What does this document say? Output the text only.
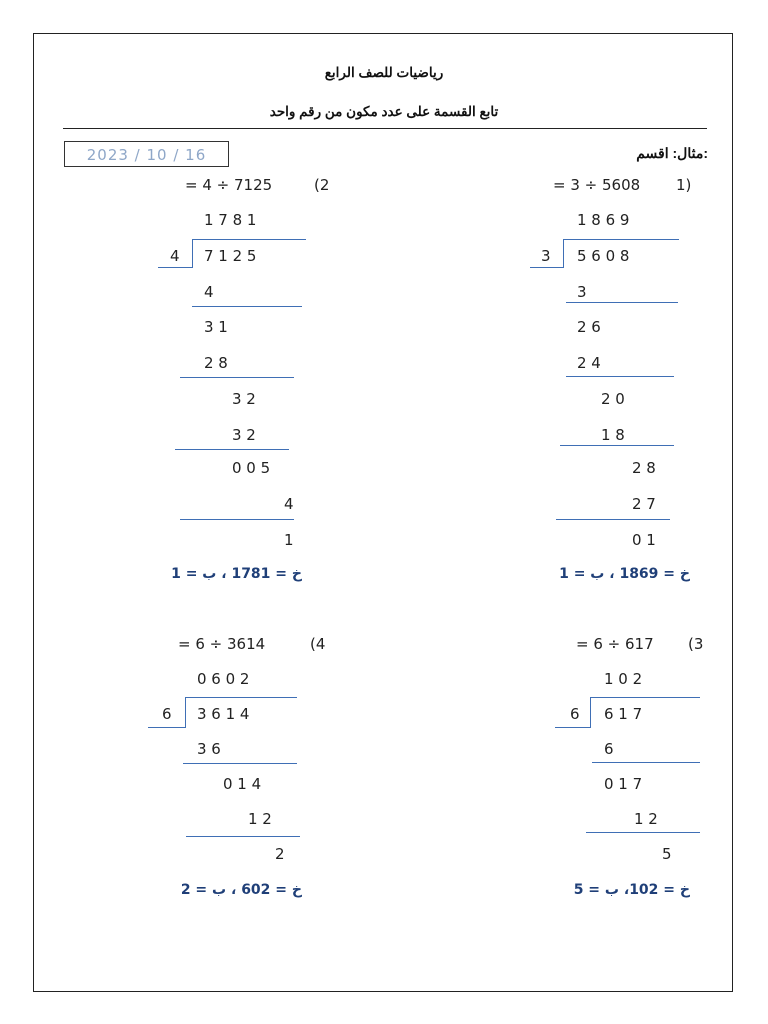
رياضيات للصف الرابع
تابع القسمة على عدد مكون من رقم واحد
2023 / 10 / 16	مثال: اقسم:
1)
= 3 ÷ 5608
1 8 6 9
3 5 6 0 8
3
2 6
2 4
2 0
1 8
2 8
2 7
0 1
خ = 1869 ، ب = 1
(2
= 4 ÷ 7125
1 7 8 1
4 7 1 2 5
4
3 1
2 8
3 2
3 2
0 0 5
4
1
خ = 1781 ، ب = 1
(3
= 6 ÷ 617
1 0 2
6 6 1 7
6
0 1 7
1 2
5
خ = 102، ب = 5
(4
= 6 ÷ 3614
0 6 0 2
6 3 6 1 4
3 6
0 1 4
1 2
2
خ = 602 ، ب = 2
